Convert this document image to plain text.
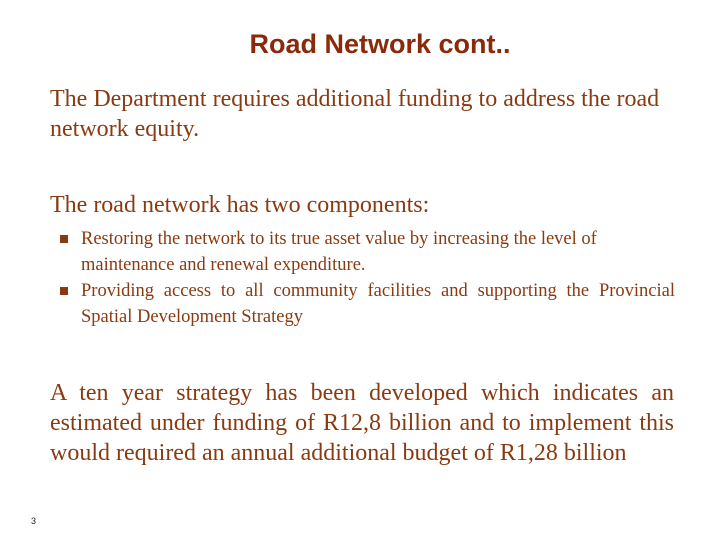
Road Network cont..
The Department requires additional funding to address the road network equity.
The road network has two components:
Restoring the network to its true asset value by increasing the level of maintenance and renewal expenditure.
Providing access to all community facilities and supporting the Provincial Spatial Development Strategy
A ten year strategy has been developed which indicates an estimated under funding of R12,8 billion and to implement this would required an annual additional budget of R1,28 billion
3
